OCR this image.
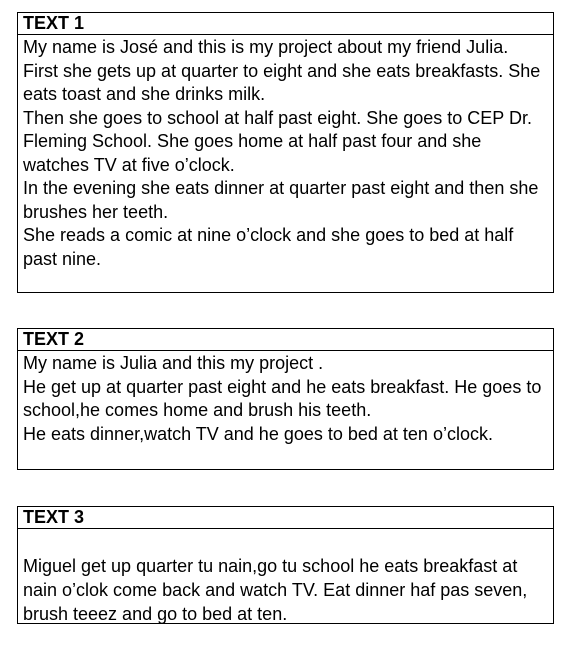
TEXT 1

My name is José and this is my project about my friend Julia.

First she gets up at quarter to eight and she eats breakfasts. She eats toast and she drinks milk.

Then she goes to school at half past eight. She goes to CEP Dr. Fleming School. She goes home at half past four and she watches TV at five o’clock.

In the evening she eats dinner at quarter past eight and then she brushes her teeth.

She reads a comic at nine o’clock and she goes to bed at half past nine.

TEXT 2

My name is Julia and this my project .

He get up at quarter past eight and he eats breakfast. He goes to school,he comes home and brush his teeth.

He eats dinner,watch TV and he goes to bed at ten o’clock.

TEXT 3

Miguel get up quarter tu nain,go tu school he eats breakfast at nain o’clok come back and watch TV. Eat dinner haf pas seven, brush teeez and go to bed at ten.
